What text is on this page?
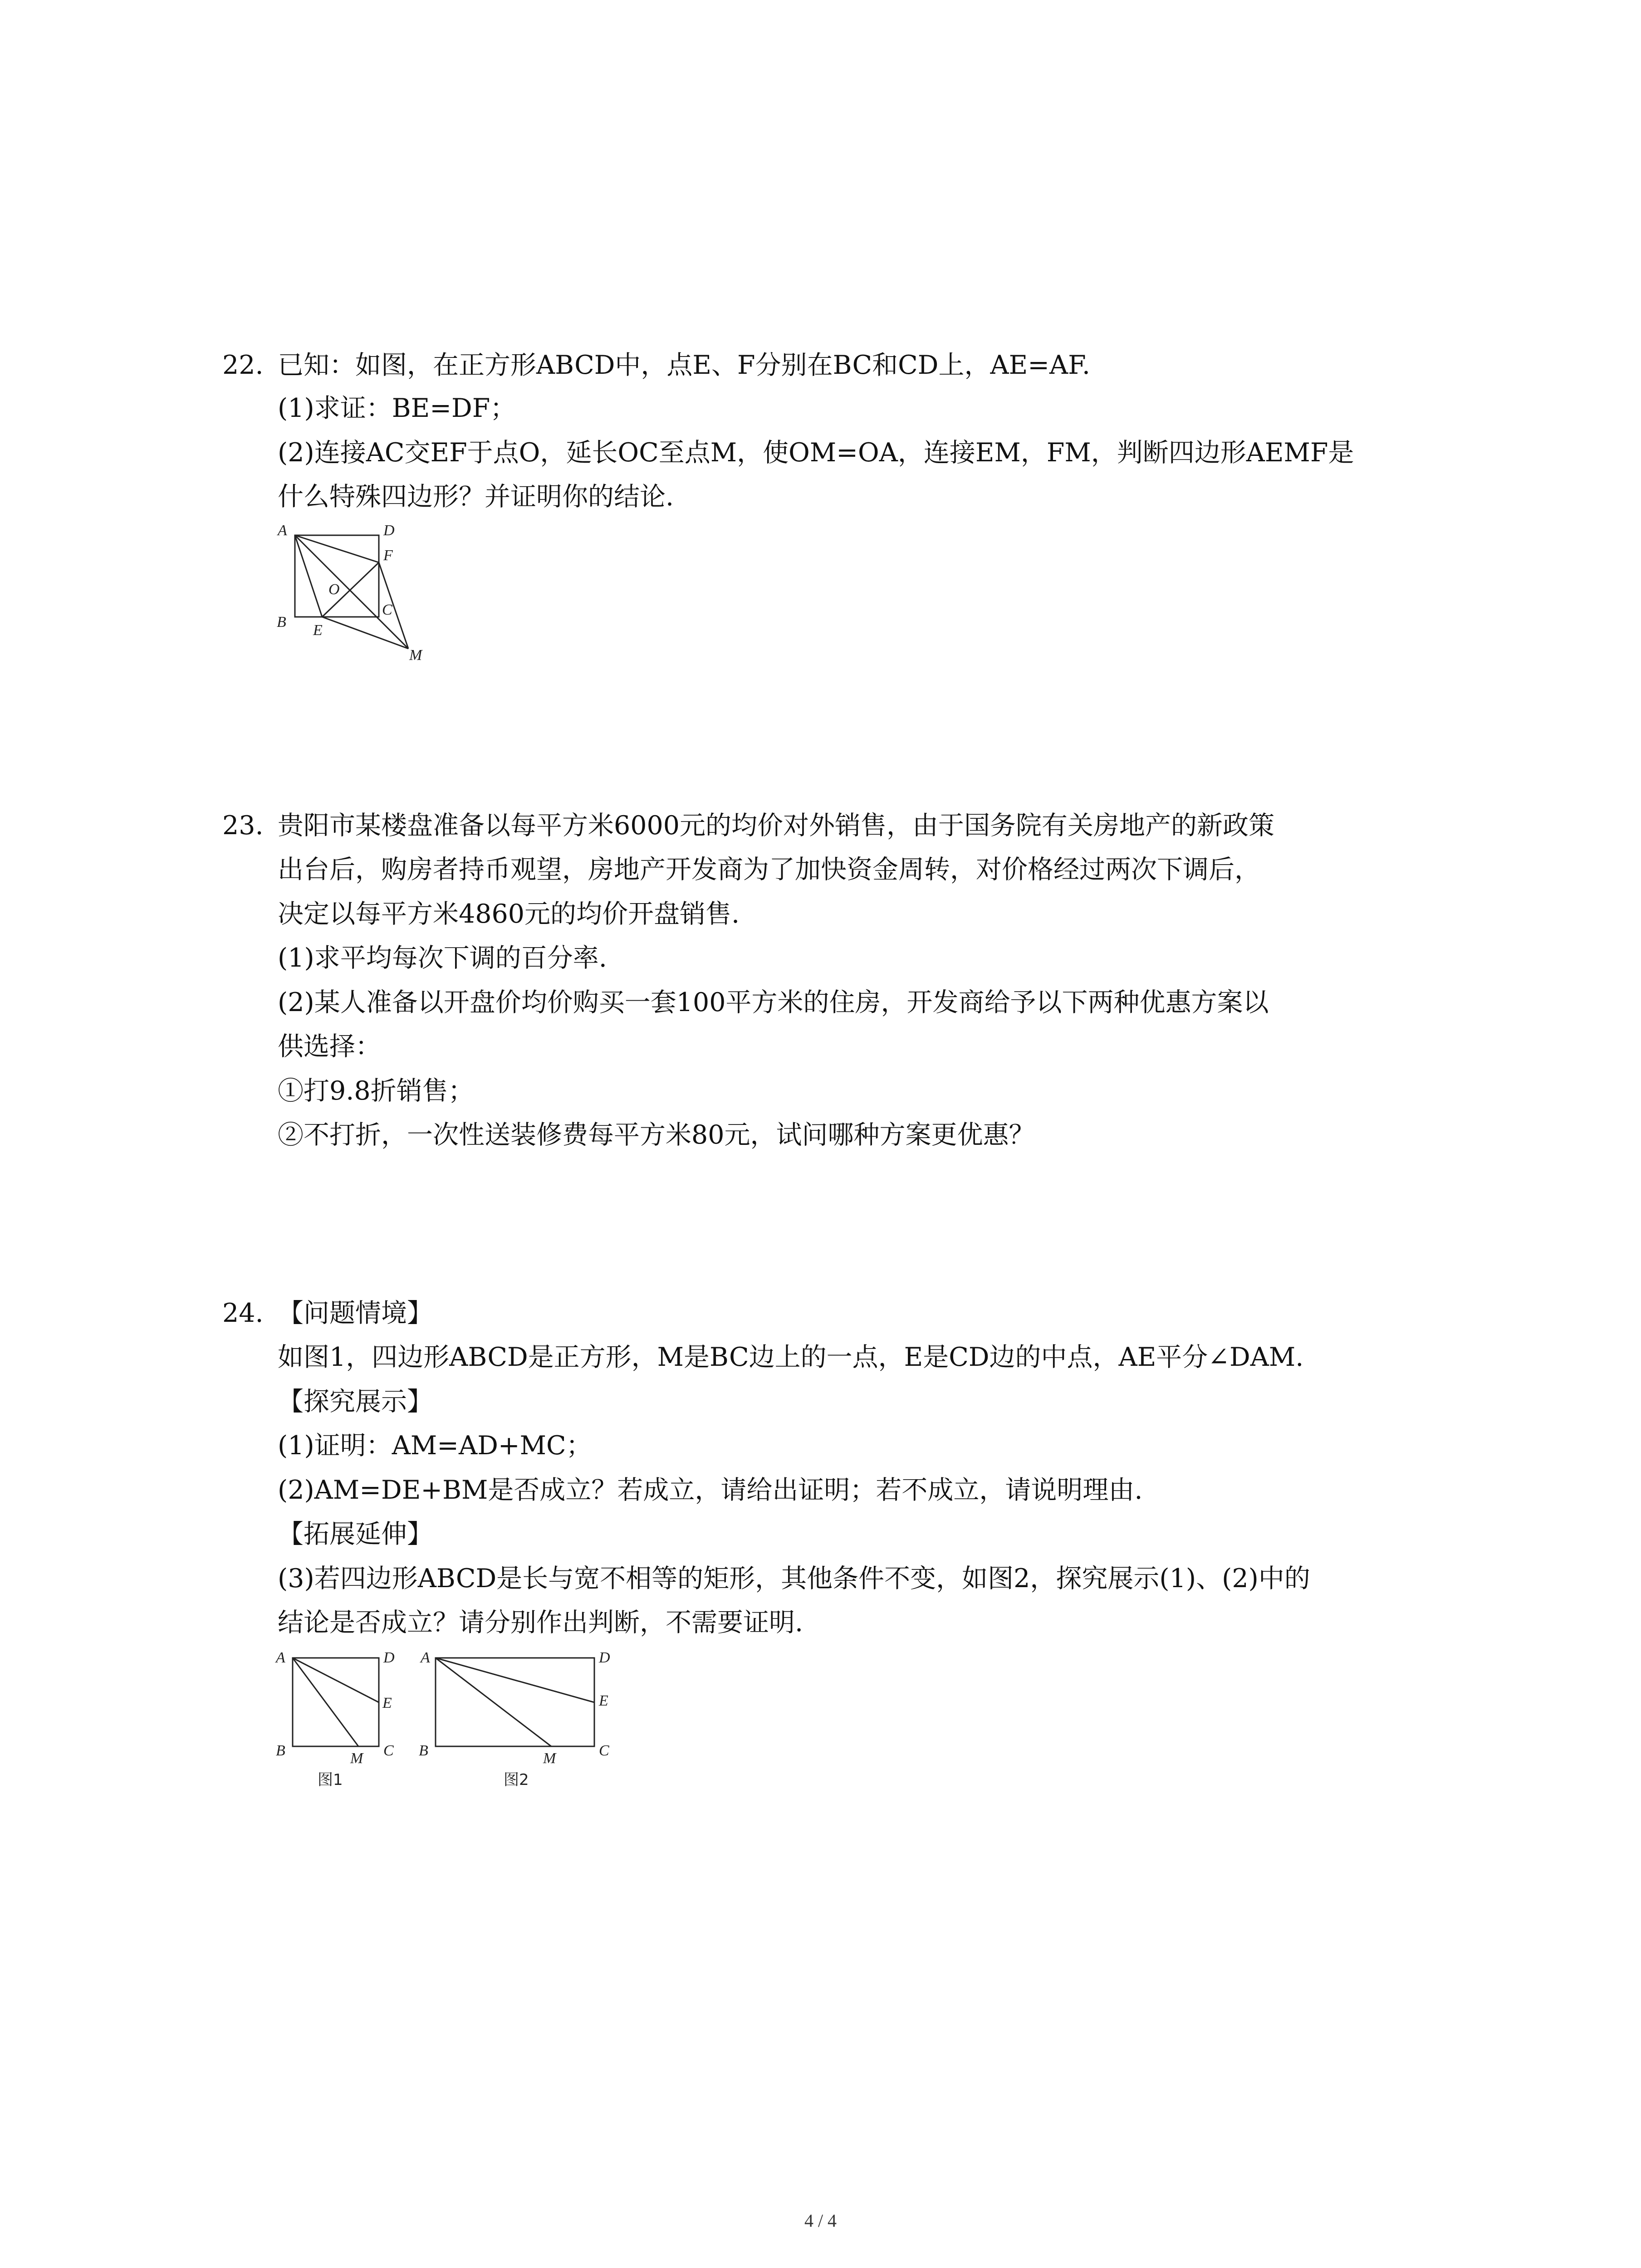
22. 已知：如图，在正方形ABCD中，点E、F分别在BC和CD上，AE=AF.
(1)求证：BE=DF；
(2)连接AC交EF于点O，延长OC至点M，使OM=OA，连接EM，FM，判断四边形AEMF是
什么特殊四边形？并证明你的结论.
A	D
F
O
C
B E
M
23. 贵阳市某楼盘准备以每平方米6000元的均价对外销售，由于国务院有关房地产的新政策
出台后，购房者持币观望，房地产开发商为了加快资金周转，对价格经过两次下调后，
决定以每平方米4860元的均价开盘销售.
(1)求平均每次下调的百分率.
(2)某人准备以开盘价均价购买一套100平方米的住房，开发商给予以下两种优惠方案以
供选择：
①打9.8折销售；
②不打折，一次性送装修费每平方米80元，试问哪种方案更优惠？
24. 【问题情境】
如图1，四边形ABCD是正方形，M是BC边上的一点，E是CD边的中点，AE平分∠DAM.
【探究展示】
(1)证明：AM=AD+MC；
(2)AM=DE+BM是否成立？若成立，请给出证明；若不成立，请说明理由.
【拓展延伸】
(3)若四边形ABCD是长与宽不相等的矩形，其他条件不变，如图2，探究展示(1)、(2)中的
结论是否成立？请分别作出判断，不需要证明.
A	D
E
B	M C
图1
A	D
E
B	M	C
图2
4 / 4
